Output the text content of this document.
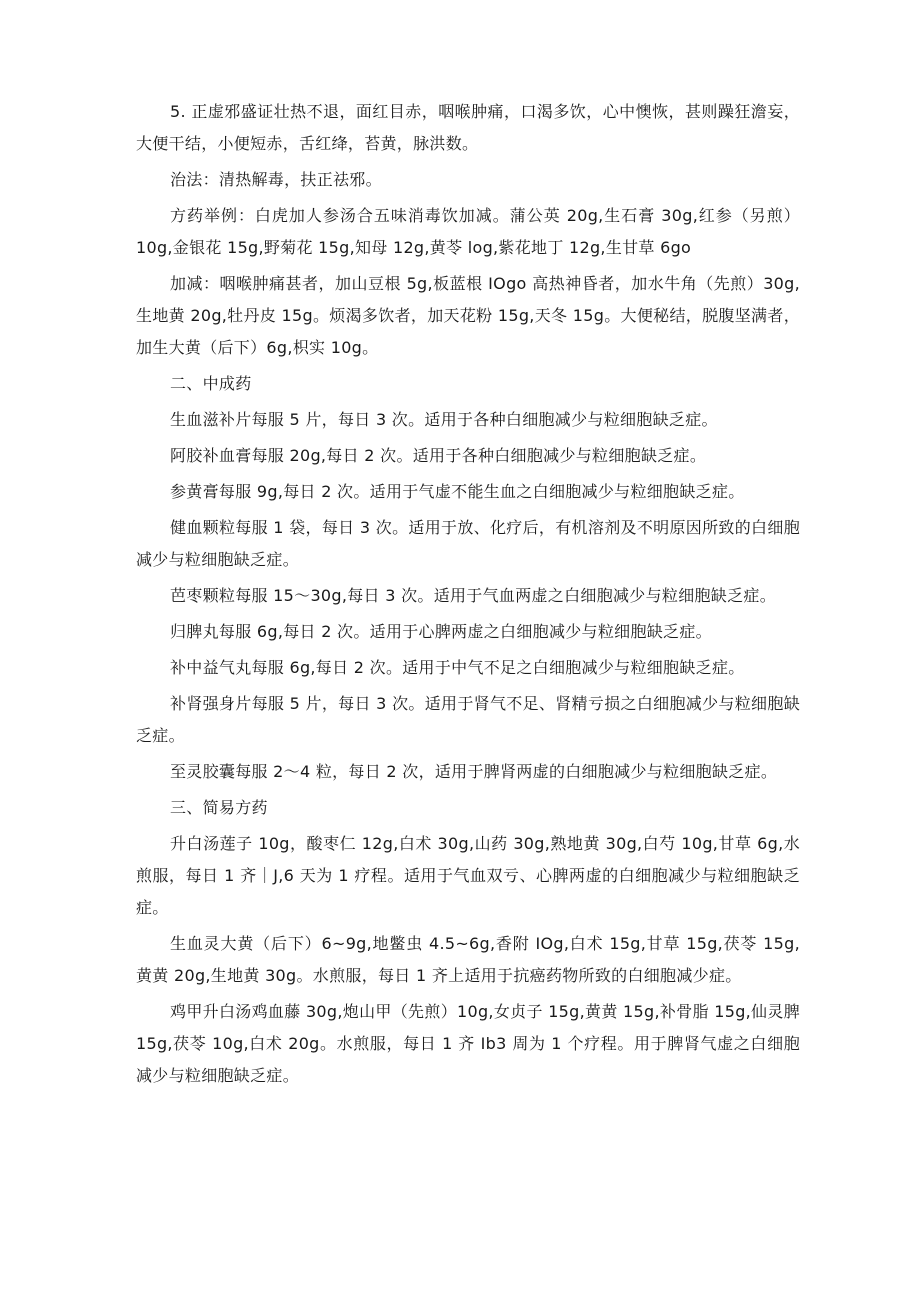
5. 正虚邪盛证壮热不退，面红目赤，咽喉肿痛，口渴多饮，心中懊恢，甚则躁狂澹妄，大便干结，小便短赤，舌红绛，苔黄，脉洪数。

治法：清热解毒，扶正祛邪。

方药举例：白虎加人参汤合五味消毒饮加减。蒲公英 20g,生石膏 30g,红参（另煎）10g,金银花 15g,野菊花 15g,知母 12g,黄苓 log,紫花地丁 12g,生甘草 6go

加减：咽喉肿痛甚者，加山豆根 5g,板蓝根 IOgo 高热神昏者，加水牛角（先煎）30g,生地黄 20g,牡丹皮 15g。烦渴多饮者，加天花粉 15g,天冬 15g。大便秘结，脱腹坚满者，加生大黄（后下）6g,枳实 10g。

二、中成药

生血滋补片每服 5 片，每日 3 次。适用于各种白细胞减少与粒细胞缺乏症。

阿胶补血膏每服 20g,每日 2 次。适用于各种白细胞减少与粒细胞缺乏症。

参黄膏每服 9g,每日 2 次。适用于气虚不能生血之白细胞减少与粒细胞缺乏症。

健血颗粒每服 1 袋，每日 3 次。适用于放、化疗后，有机溶剂及不明原因所致的白细胞减少与粒细胞缺乏症。

芭枣颗粒每服 15～30g,每日 3 次。适用于气血两虚之白细胞减少与粒细胞缺乏症。

归脾丸每服 6g,每日 2 次。适用于心脾两虚之白细胞减少与粒细胞缺乏症。

补中益气丸每服 6g,每日 2 次。适用于中气不足之白细胞减少与粒细胞缺乏症。

补肾强身片每服 5 片，每日 3 次。适用于肾气不足、肾精亏损之白细胞减少与粒细胞缺乏症。

至灵胶囊每服 2～4 粒，每日 2 次，适用于脾肾两虚的白细胞减少与粒细胞缺乏症。

三、简易方药

升白汤莲子 10g，酸枣仁 12g,白术 30g,山药 30g,熟地黄 30g,白芍 10g,甘草 6g,水煎服，每日 1 齐｜J,6 天为 1 疗程。适用于气血双亏、心脾两虚的白细胞减少与粒细胞缺乏症。

生血灵大黄（后下）6~9g,地鳖虫 4.5~6g,香附 IOg,白术 15g,甘草 15g,茯苓 15g,黄黄 20g,生地黄 30g。水煎服，每日 1 齐上适用于抗癌药物所致的白细胞减少症。

鸡甲升白汤鸡血藤 30g,炮山甲（先煎）10g,女贞子 15g,黄黄 15g,补骨脂 15g,仙灵脾 15g,茯苓 10g,白术 20g。水煎服，每日 1 齐 Ib3 周为 1 个疗程。用于脾肾气虚之白细胞减少与粒细胞缺乏症。
